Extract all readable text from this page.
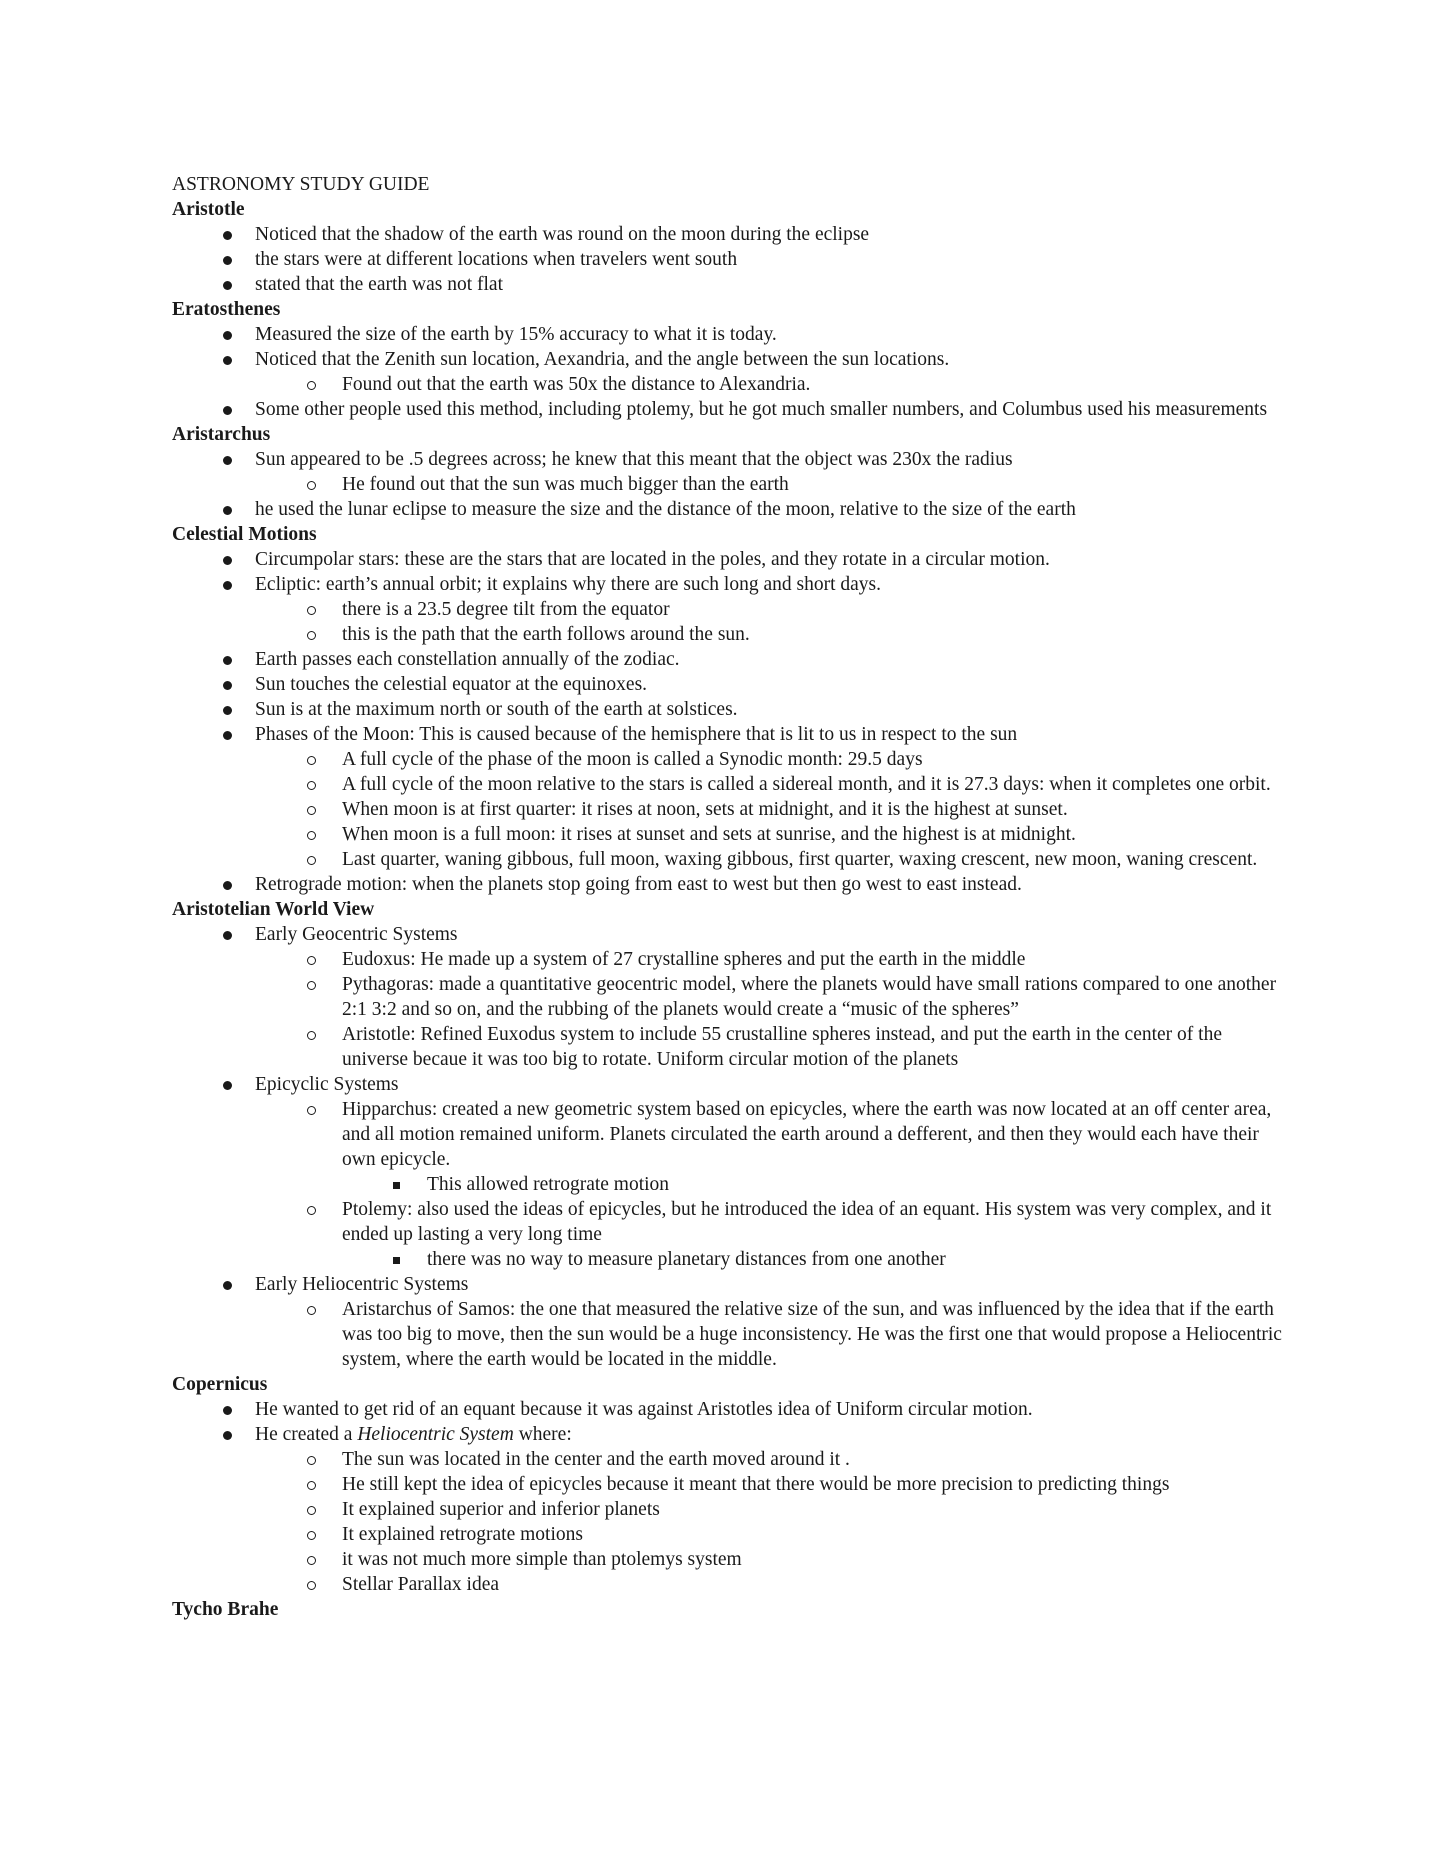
ASTRONOMY STUDY GUIDE
Aristotle
Noticed that the shadow of the earth was round on the moon during the eclipse
the stars were at different locations when travelers went south
stated that the earth was not flat
Eratosthenes
Measured the size of the earth by 15% accuracy to what it is today.
Noticed that the Zenith sun location, Aexandria, and the angle between the sun locations.
Found out that the earth was 50x the distance to Alexandria.
Some other people used this method, including ptolemy, but he got much smaller numbers, and Columbus used his measurements
Aristarchus
Sun appeared to be .5 degrees across; he knew that this meant that the object was 230x the radius
He found out that the sun was much bigger than the earth
he used the lunar eclipse to measure the size and the distance of the moon, relative to the size of the earth
Celestial Motions
Circumpolar stars: these are the stars that are located in the poles, and they rotate in a circular motion.
Ecliptic: earth’s annual orbit; it explains why there are such long and short days.
there is a 23.5 degree tilt from the equator
this is the path that the earth follows around the sun.
Earth passes each constellation annually of the zodiac.
Sun touches the celestial equator at the equinoxes.
Sun is at the maximum north or south of the earth at solstices.
Phases of the Moon: This is caused because of the hemisphere that is lit to us in respect to the sun
A full cycle of the phase of the moon is called a Synodic month: 29.5 days
A full cycle of the moon relative to the stars is called a sidereal month, and it is 27.3 days: when it completes one orbit.
When moon is at first quarter: it rises at noon, sets at midnight, and it is the highest at sunset.
When moon is a full moon: it rises at sunset and sets at sunrise, and the highest is at midnight.
Last quarter, waning gibbous, full moon, waxing gibbous, first quarter, waxing crescent, new moon, waning crescent.
Retrograde motion: when the planets stop going from east to west but then go west to east instead.
Aristotelian World View
Early Geocentric Systems
Eudoxus: He made up a system of 27 crystalline spheres and put the earth in the middle
Pythagoras: made a quantitative geocentric model, where the planets would have small rations compared to one another 2:1 3:2 and so on, and the rubbing of the planets would create a “music of the spheres”
Aristotle: Refined Euxodus system to include 55 crustalline spheres instead, and put the earth in the center of the universe becaue it was too big to rotate. Uniform circular motion of the planets
Epicyclic Systems
Hipparchus: created a new geometric system based on epicycles, where the earth was now located at an off center area, and all motion remained uniform. Planets circulated the earth around a defferent, and then they would each have their own epicycle.
This allowed retrograte motion
Ptolemy: also used the ideas of epicycles, but he introduced the idea of an equant. His system was very complex, and it ended up lasting a very long time
there was no way to measure planetary distances from one another
Early Heliocentric Systems
Aristarchus of Samos: the one that measured the relative size of the sun, and was influenced by the idea that if the earth was too big to move, then the sun would be a huge inconsistency. He was the first one that would propose a Heliocentric system, where the earth would be located in the middle.
Copernicus
He wanted to get rid of an equant because it was against Aristotles idea of Uniform circular motion.
He created a Heliocentric System where:
The sun was located in the center and the earth moved around it .
He still kept the idea of epicycles because it meant that there would be more precision to predicting things
It explained superior and inferior planets
It explained retrograte motions
it was not much more simple than ptolemys system
Stellar Parallax idea
Tycho Brahe
